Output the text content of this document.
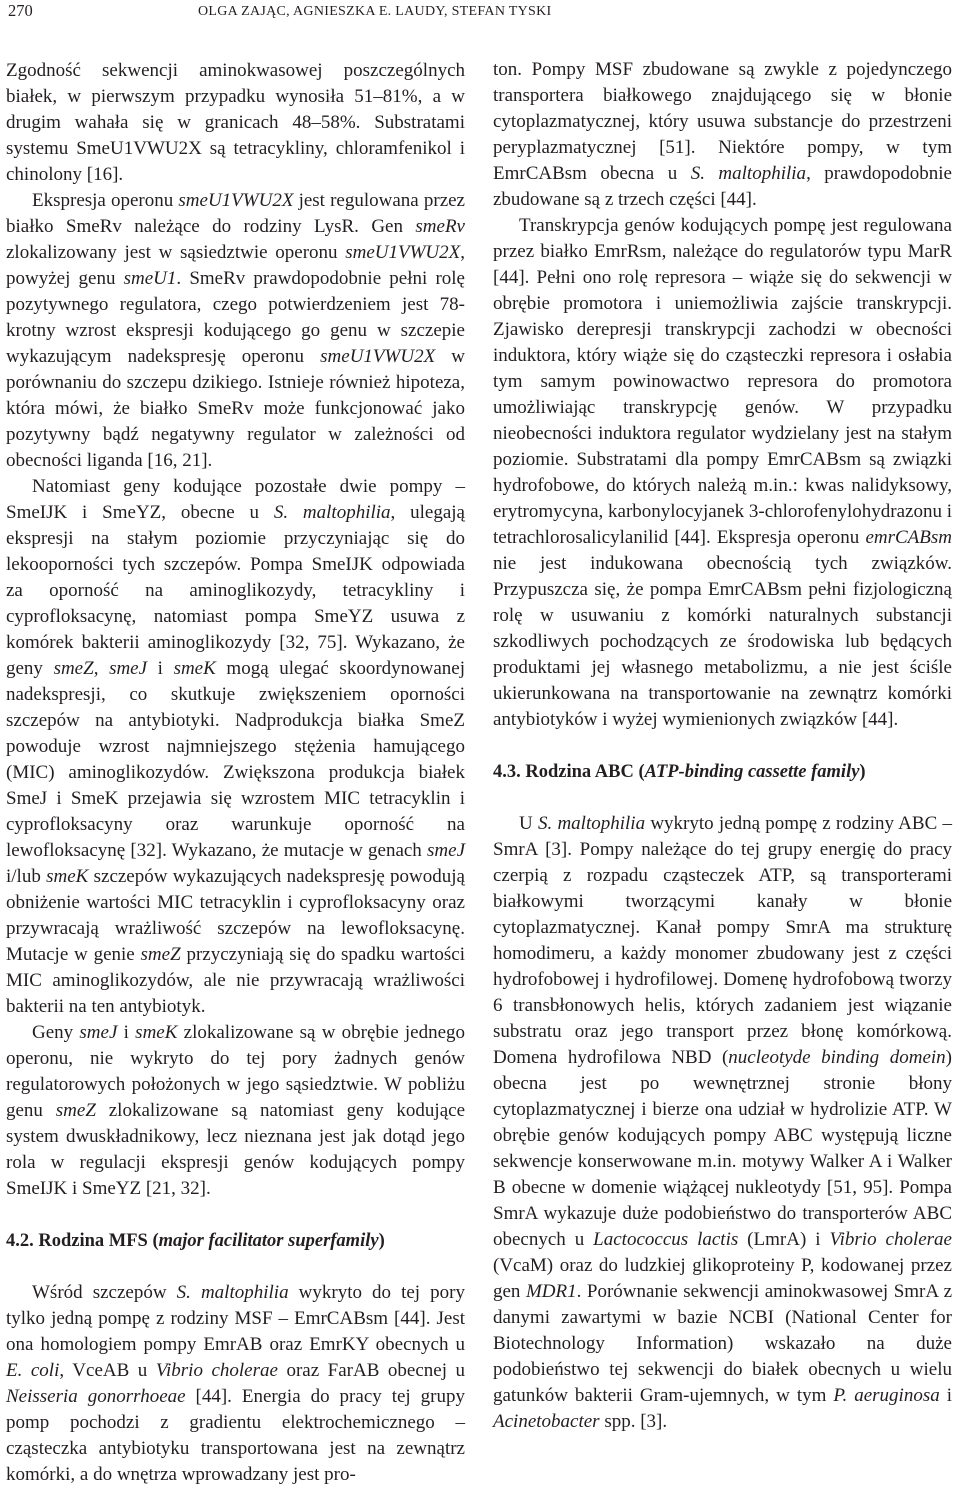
270	OLGA ZAJĄC, AGNIESZKA E. LAUDY, STEFAN TYSKI

Zgodność sekwencji aminokwasowej poszczególnych białek, w pierwszym przypadku wynosiła 51–81%, a w drugim wahała się w granicach 48–58%. Substratami systemu SmeU1VWU2X są tetracykliny, chloramfenikol i chinolony [16].

Ekspresja operonu smeU1VWU2X jest regulowana przez białko SmeRv należące do rodziny LysR. Gen smeRv zlokalizowany jest w sąsiedztwie operonu smeU1VWU2X, powyżej genu smeU1. SmeRv prawdopodobnie pełni rolę pozytywnego regulatora, czego potwierdzeniem jest 78-krotny wzrost ekspresji kodującego go genu w szczepie wykazującym nadekspresję operonu smeU1VWU2X w porównaniu do szczepu dzikiego. Istnieje również hipoteza, która mówi, że białko SmeRv może funkcjonować jako pozytywny bądź negatywny regulator w zależności od obecności liganda [16, 21].

Natomiast geny kodujące pozostałe dwie pompy – SmeIJK i SmeYZ, obecne u S. maltophilia, ulegają ekspresji na stałym poziomie przyczyniając się do lekooporności tych szczepów. Pompa SmeIJK odpowiada za oporność na aminoglikozydy, tetracykliny i cyprofloksacynę, natomiast pompa SmeYZ usuwa z komórek bakterii aminoglikozydy [32, 75]. Wykazano, że geny smeZ, smeJ i smeK mogą ulegać skoordynowanej nadekspresji, co skutkuje zwiększeniem oporności szczepów na antybiotyki. Nadprodukcja białka SmeZ powoduje wzrost najmniejszego stężenia hamującego (MIC) aminoglikozydów. Zwiększona produkcja białek SmeJ i SmeK przejawia się wzrostem MIC tetracyklin i cyprofloksacyny oraz warunkuje oporność na lewofloksacynę [32]. Wykazano, że mutacje w genach smeJ i/lub smeK szczepów wykazujących nadekspresję powodują obniżenie wartości MIC tetracyklin i cyprofloksacyny oraz przywracają wrażliwość szczepów na lewofloksacynę. Mutacje w genie smeZ przyczyniają się do spadku wartości MIC aminoglikozydów, ale nie przywracają wrażliwości bakterii na ten antybiotyk.

Geny smeJ i smeK zlokalizowane są w obrębie jednego operonu, nie wykryto do tej pory żadnych genów regulatorowych położonych w jego sąsiedztwie. W pobliżu genu smeZ zlokalizowane są natomiast geny kodujące system dwuskładnikowy, lecz nieznana jest jak dotąd jego rola w regulacji ekspresji genów kodujących pompy SmeIJK i SmeYZ [21, 32].

4.2. Rodzina MFS (major facilitator superfamily)

Wśród szczepów S. maltophilia wykryto do tej pory tylko jedną pompę z rodziny MSF – EmrCABsm [44]. Jest ona homologiem pompy EmrAB oraz EmrKY obecnych u E. coli, VceAB u Vibrio cholerae oraz FarAB obecnej u Neisseria gonorrhoeae [44]. Energia do pracy tej grupy pomp pochodzi z gradientu elektrochemicznego – cząsteczka antybiotyku transportowana jest na zewnątrz komórki, a do wnętrza wprowadzany jest pro-

ton. Pompy MSF zbudowane są zwykle z pojedynczego transportera białkowego znajdującego się w błonie cytoplazmatycznej, który usuwa substancje do przestrzeni peryplazmatycznej [51]. Niektóre pompy, w tym EmrCABsm obecna u S. maltophilia, prawdopodobnie zbudowane są z trzech części [44].

Transkrypcja genów kodujących pompę jest regulowana przez białko EmrRsm, należące do regulatorów typu MarR [44]. Pełni ono rolę represora – wiąże się do sekwencji w obrębie promotora i uniemożliwia zajście transkrypcji. Zjawisko derepresji transkrypcji zachodzi w obecności induktora, który wiąże się do cząsteczki represora i osłabia tym samym powinowactwo represora do promotora umożliwiając transkrypcję genów. W przypadku nieobecności induktora regulator wydzielany jest na stałym poziomie. Substratami dla pompy EmrCABsm są związki hydrofobowe, do których należą m.in.: kwas nalidyksowy, erytromycyna, karbonylocyjanek 3-chlorofenylohydrazonu i tetrachlorosalicylanilid [44]. Ekspresja operonu emrCABsm nie jest indukowana obecnością tych związków. Przypuszcza się, że pompa EmrCABsm pełni fizjologiczną rolę w usuwaniu z komórki naturalnych substancji szkodliwych pochodzących ze środowiska lub będących produktami jej własnego metabolizmu, a nie jest ściśle ukierunkowana na transportowanie na zewnątrz komórki antybiotyków i wyżej wymienionych związków [44].

4.3. Rodzina ABC (ATP-binding cassette family)

U S. maltophilia wykryto jedną pompę z rodziny ABC – SmrA [3]. Pompy należące do tej grupy energię do pracy czerpią z rozpadu cząsteczek ATP, są transporterami białkowymi tworzącymi kanały w błonie cytoplazmatycznej. Kanał pompy SmrA ma strukturę homodimeru, a każdy monomer zbudowany jest z części hydrofobowej i hydrofilowej. Domenę hydrofobową tworzy 6 transbłonowych helis, których zadaniem jest wiązanie substratu oraz jego transport przez błonę komórkową. Domena hydrofilowa NBD (nucleotyde binding domein) obecna jest po wewnętrznej stronie błony cytoplazmatycznej i bierze ona udział w hydrolizie ATP. W obrębie genów kodujących pompy ABC występują liczne sekwencje konserwowane m.in. motywy Walker A i Walker B obecne w domenie wiążącej nukleotydy [51, 95]. Pompa SmrA wykazuje duże podobieństwo do transporterów ABC obecnych u Lactococcus lactis (LmrA) i Vibrio cholerae (VcaM) oraz do ludzkiej glikoproteiny P, kodowanej przez gen MDR1. Porównanie sekwencji aminokwasowej SmrA z danymi zawartymi w bazie NCBI (National Center for Biotechnology Information) wskazało na duże podobieństwo tej sekwencji do białek obecnych u wielu gatunków bakterii Gram-ujemnych, w tym P. aeruginosa i Acinetobacter spp. [3].
